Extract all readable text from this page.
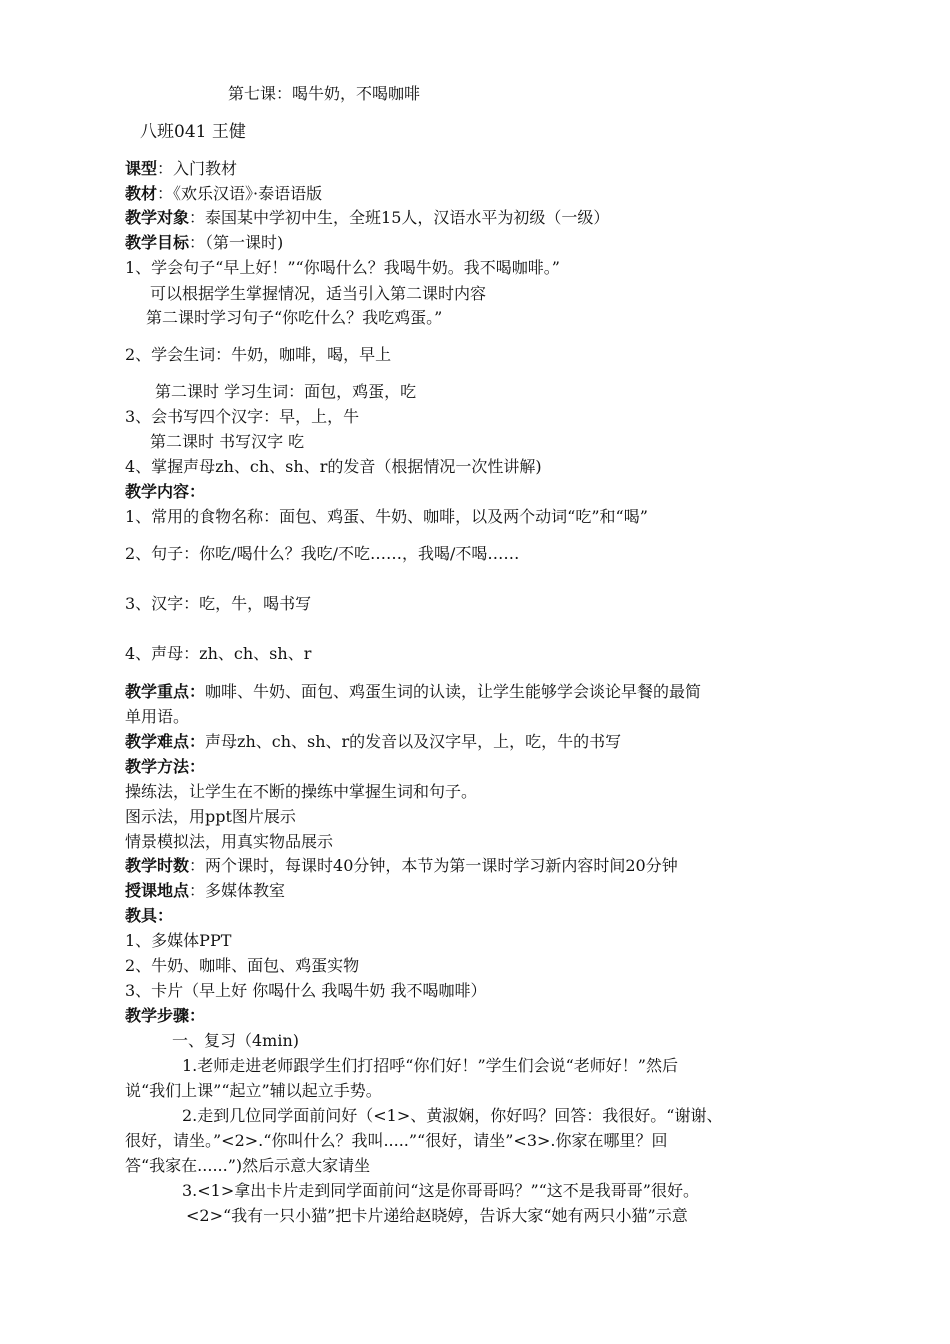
第七课：喝牛奶，不喝咖啡
八班041 王健
课型：入门教材
教材：《欢乐汉语》·泰语语版
教学对象：泰国某中学初中生，全班15人，汉语水平为初级（一级）
教学目标：（第一课时)
1、学会句子“早上好！”“你喝什么？我喝牛奶。我不喝咖啡。”
可以根据学生掌握情况，适当引入第二课时内容
第二课时学习句子“你吃什么？我吃鸡蛋。”
2、学会生词：牛奶，咖啡，喝，早上
第二课时 学习生词：面包，鸡蛋，吃
3、会书写四个汉字：早，上，牛
第二课时 书写汉字 吃
4、掌握声母zh、ch、sh、r的发音（根据情况一次性讲解)
教学内容：
1、常用的食物名称：面包、鸡蛋、牛奶、咖啡，以及两个动词“吃”和“喝”
2、句子：你吃/喝什么？我吃/不吃……，我喝/不喝……
3、汉字：吃，牛，喝书写
4、声母：zh、ch、sh、r
教学重点：咖啡、牛奶、面包、鸡蛋生词的认读，让学生能够学会谈论早餐的最简
单用语。
教学难点：声母zh、ch、sh、r的发音以及汉字早，上，吃，牛的书写
教学方法：
操练法，让学生在不断的操练中掌握生词和句子。
图示法，用ppt图片展示
情景模拟法，用真实物品展示
教学时数：两个课时，每课时40分钟，本节为第一课时学习新内容时间20分钟
授课地点：多媒体教室
教具：
1、多媒体PPT
2、牛奶、咖啡、面包、鸡蛋实物
3、卡片（早上好 你喝什么 我喝牛奶 我不喝咖啡）
教学步骤：
一、复习（4min)
1.老师走进老师跟学生们打招呼“你们好！”学生们会说“老师好！”然后
说“我们上课”“起立”辅以起立手势。
2.走到几位同学面前问好（<1>、黄淑娴，你好吗？回答：我很好。“谢谢、
很好，请坐。”<2>.“你叫什么？我叫.....”“很好，请坐”<3>.你家在哪里？回
答“我家在......”)然后示意大家请坐
3.<1>拿出卡片走到同学面前问“这是你哥哥吗？”“这不是我哥哥”很好。
<2>“我有一只小猫”把卡片递给赵晓婷，告诉大家“她有两只小猫”示意
